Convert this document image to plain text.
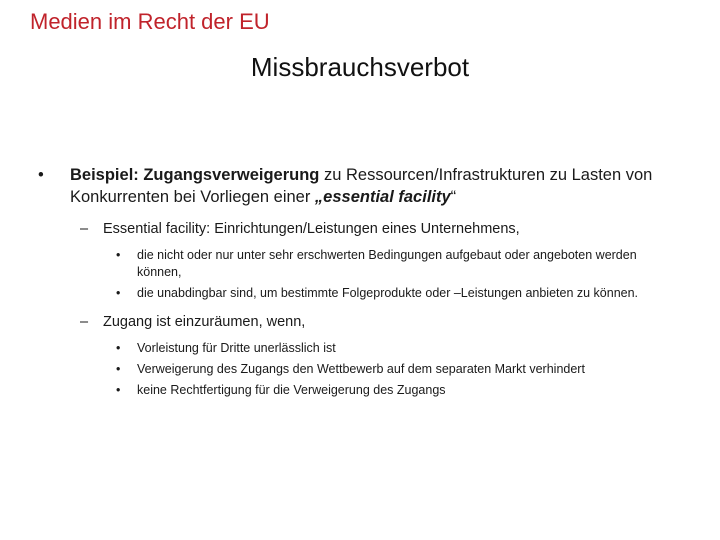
Medien im Recht der EU
Missbrauchsverbot
• Beispiel: Zugangsverweigerung zu Ressourcen/Infrastrukturen zu Lasten von Konkurrenten bei Vorliegen einer „essential facility“
– Essential facility: Einrichtungen/Leistungen eines Unternehmens,
• die nicht oder nur unter sehr erschwerten Bedingungen aufgebaut oder angeboten werden können,
• die unabdingbar sind, um bestimmte Folgeprodukte oder –Leistungen anbieten zu können.
– Zugang ist einzuräumen, wenn,
• Vorleistung für Dritte unerlässlich ist
• Verweigerung des Zugangs den Wettbewerb auf dem separaten Markt verhindert
• keine Rechtfertigung für die Verweigerung des Zugangs
